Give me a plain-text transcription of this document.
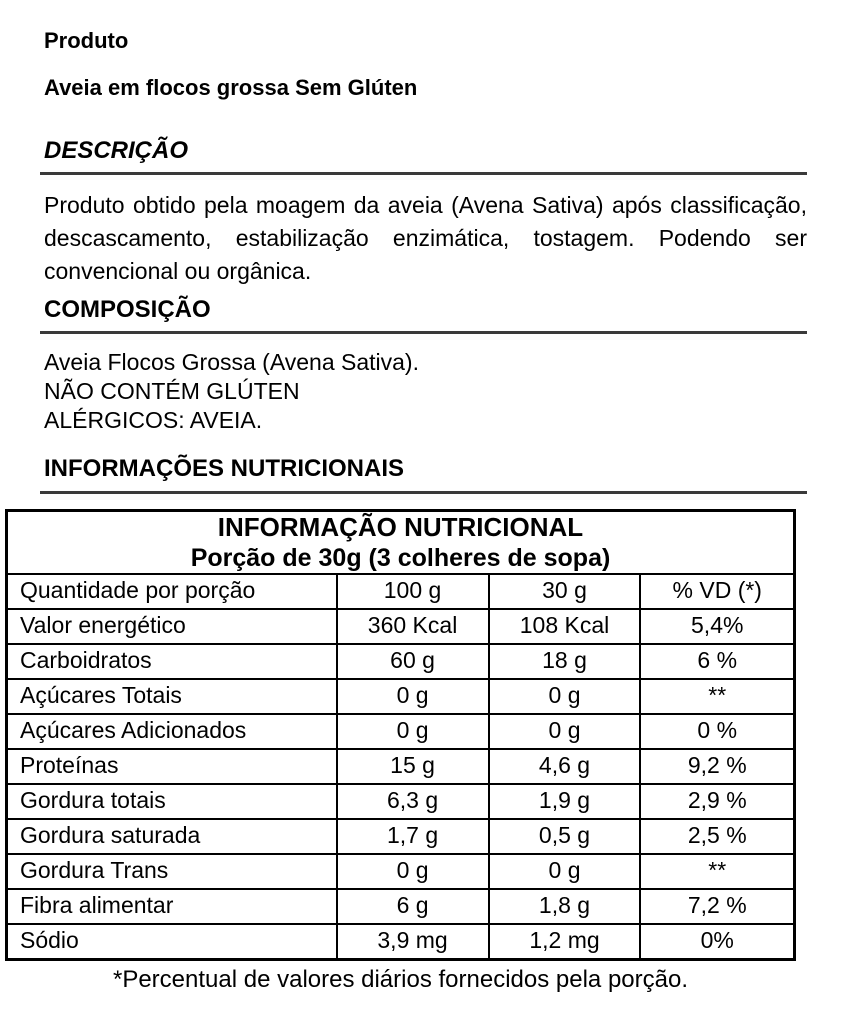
Produto
Aveia em flocos grossa Sem Glúten
DESCRIÇÃO
Produto obtido pela moagem da aveia (Avena Sativa) após classificação, descascamento, estabilização enzimática, tostagem. Podendo ser convencional ou orgânica.
COMPOSIÇÃO
Aveia Flocos Grossa (Avena Sativa).
NÃO CONTÉM GLÚTEN
ALÉRGICOS: AVEIA.
INFORMAÇÕES NUTRICIONAIS
INFORMAÇÃO NUTRICIONAL
Porção de 30g (3 colheres de sopa)			

Quantidade por porção	100 g	30 g	% VD (*)
Valor energético	360 Kcal	108 Kcal	5,4%
Carboidratos	60 g	18 g	6 %
Açúcares Totais	0 g	0 g	**
Açúcares Adicionados	0 g	0 g	0 %
Proteínas	15 g	4,6 g	9,2 %
Gordura totais	6,3 g	1,9 g	2,9 %
Gordura saturada	1,7 g	0,5 g	2,5 %
Gordura Trans	0 g	0 g	**
Fibra alimentar	6 g	1,8 g	7,2 %
Sódio	3,9 mg	1,2 mg	0%
*Percentual de valores diários fornecidos pela porção.
